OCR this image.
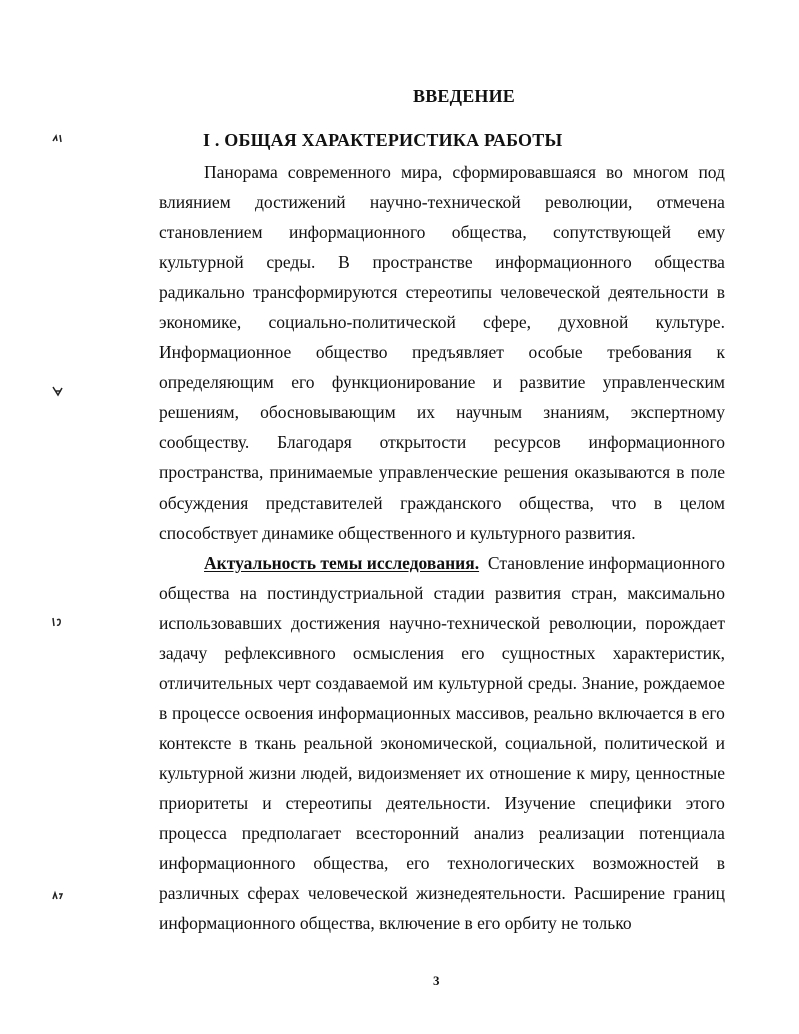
ВВЕДЕНИЕ
I . ОБЩАЯ ХАРАКТЕРИСТИКА РАБОТЫ
Панорама современного мира, сформировавшаяся во многом под
влиянием достижений научно-технической революции, отмечена
становлением информационного общества, сопутствующей ему
культурной среды. В пространстве информационного общества
радикально трансформируются стереотипы человеческой деятельности в
экономике, социально-политической сфере, духовной культуре.
Информационное общество предъявляет особые требования к
определяющим его функционирование и развитие управленческим
решениям, обосновывающим их научным знаниям, экспертному
сообществу. Благодаря открытости ресурсов информационного
пространства, принимаемые управленческие решения оказываются в поле
обсуждения представителей гражданского общества, что в целом
способствует динамике общественного и культурного развития.
Актуальность темы исследования. Становление информационного
общества на постиндустриальной стадии развития стран, максимально
использовавших достижения научно-технической революции, порождает
задачу рефлексивного осмысления его сущностных характеристик,
отличительных черт создаваемой им культурной среды. Знание, рождаемое
в процессе освоения информационных массивов, реально включается в его
контексте в ткань реальной экономической, социальной, политической и
культурной жизни людей, видоизменяет их отношение к миру, ценностные
приоритеты и стереотипы деятельности. Изучение специфики этого
процесса предполагает всесторонний анализ реализации потенциала
информационного общества, его технологических возможностей в
различных сферах человеческой жизнедеятельности. Расширение границ
информационного общества, включение в его орбиту не только
3
